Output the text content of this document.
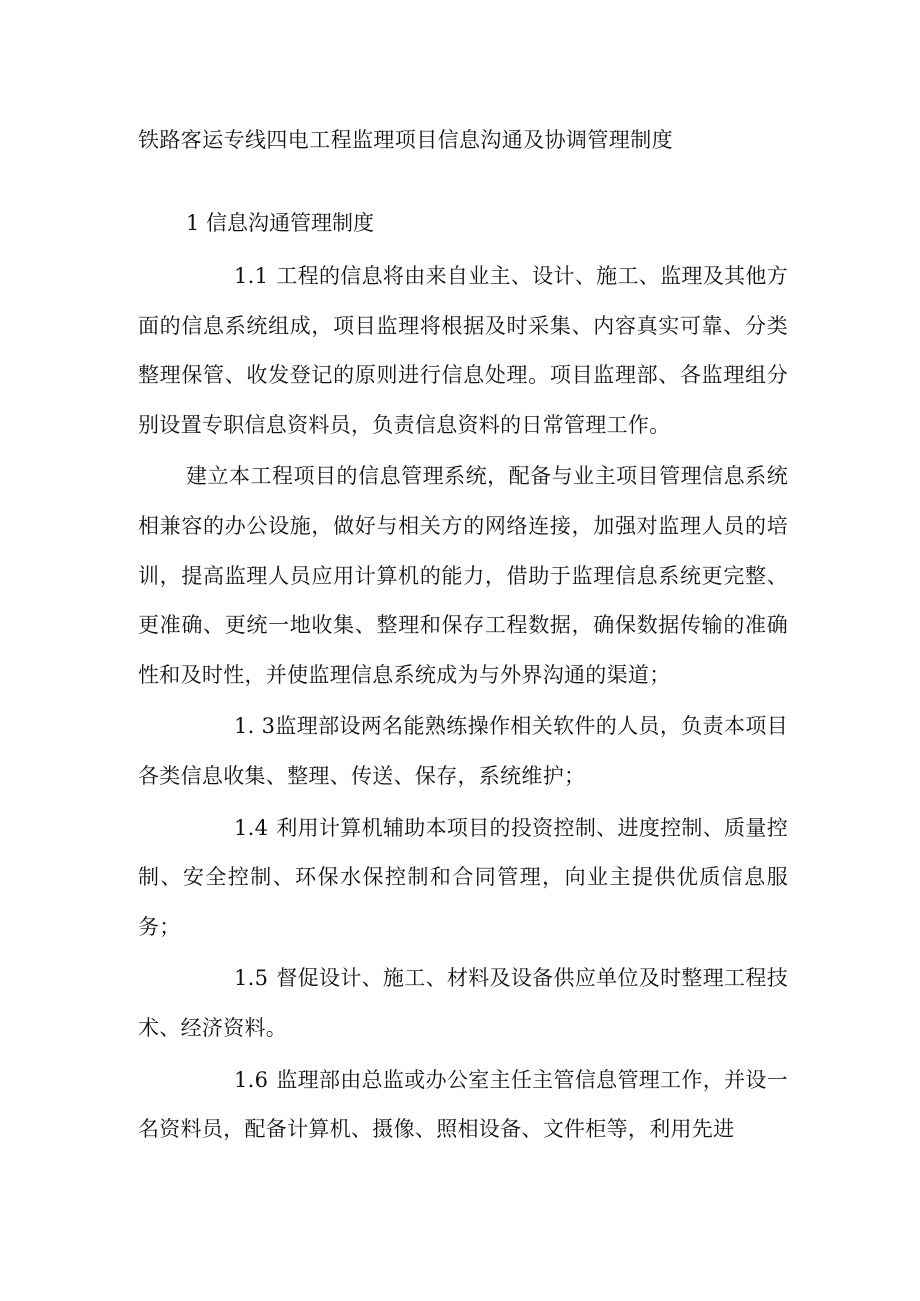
铁路客运专线四电工程监理项目信息沟通及协调管理制度
1 信息沟通管理制度

1.1 工程的信息将由来自业主、设计、施工、监理及其他方面的信息系统组成，项目监理将根据及时采集、内容真实可靠、分类整理保管、收发登记的原则进行信息处理。项目监理部、各监理组分别设置专职信息资料员，负责信息资料的日常管理工作。

建立本工程项目的信息管理系统，配备与业主项目管理信息系统相兼容的办公设施，做好与相关方的网络连接，加强对监理人员的培训，提高监理人员应用计算机的能力，借助于监理信息系统更完整、更准确、更统一地收集、整理和保存工程数据，确保数据传输的准确性和及时性，并使监理信息系统成为与外界沟通的渠道；

1. 3监理部设两名能熟练操作相关软件的人员，负责本项目各类信息收集、整理、传送、保存，系统维护；

1.4 利用计算机辅助本项目的投资控制、进度控制、质量控制、安全控制、环保水保控制和合同管理，向业主提供优质信息服务；

1.5 督促设计、施工、材料及设备供应单位及时整理工程技术、经济资料。

1.6 监理部由总监或办公室主任主管信息管理工作，并设一名资料员，配备计算机、摄像、照相设备、文件柜等，利用先进
